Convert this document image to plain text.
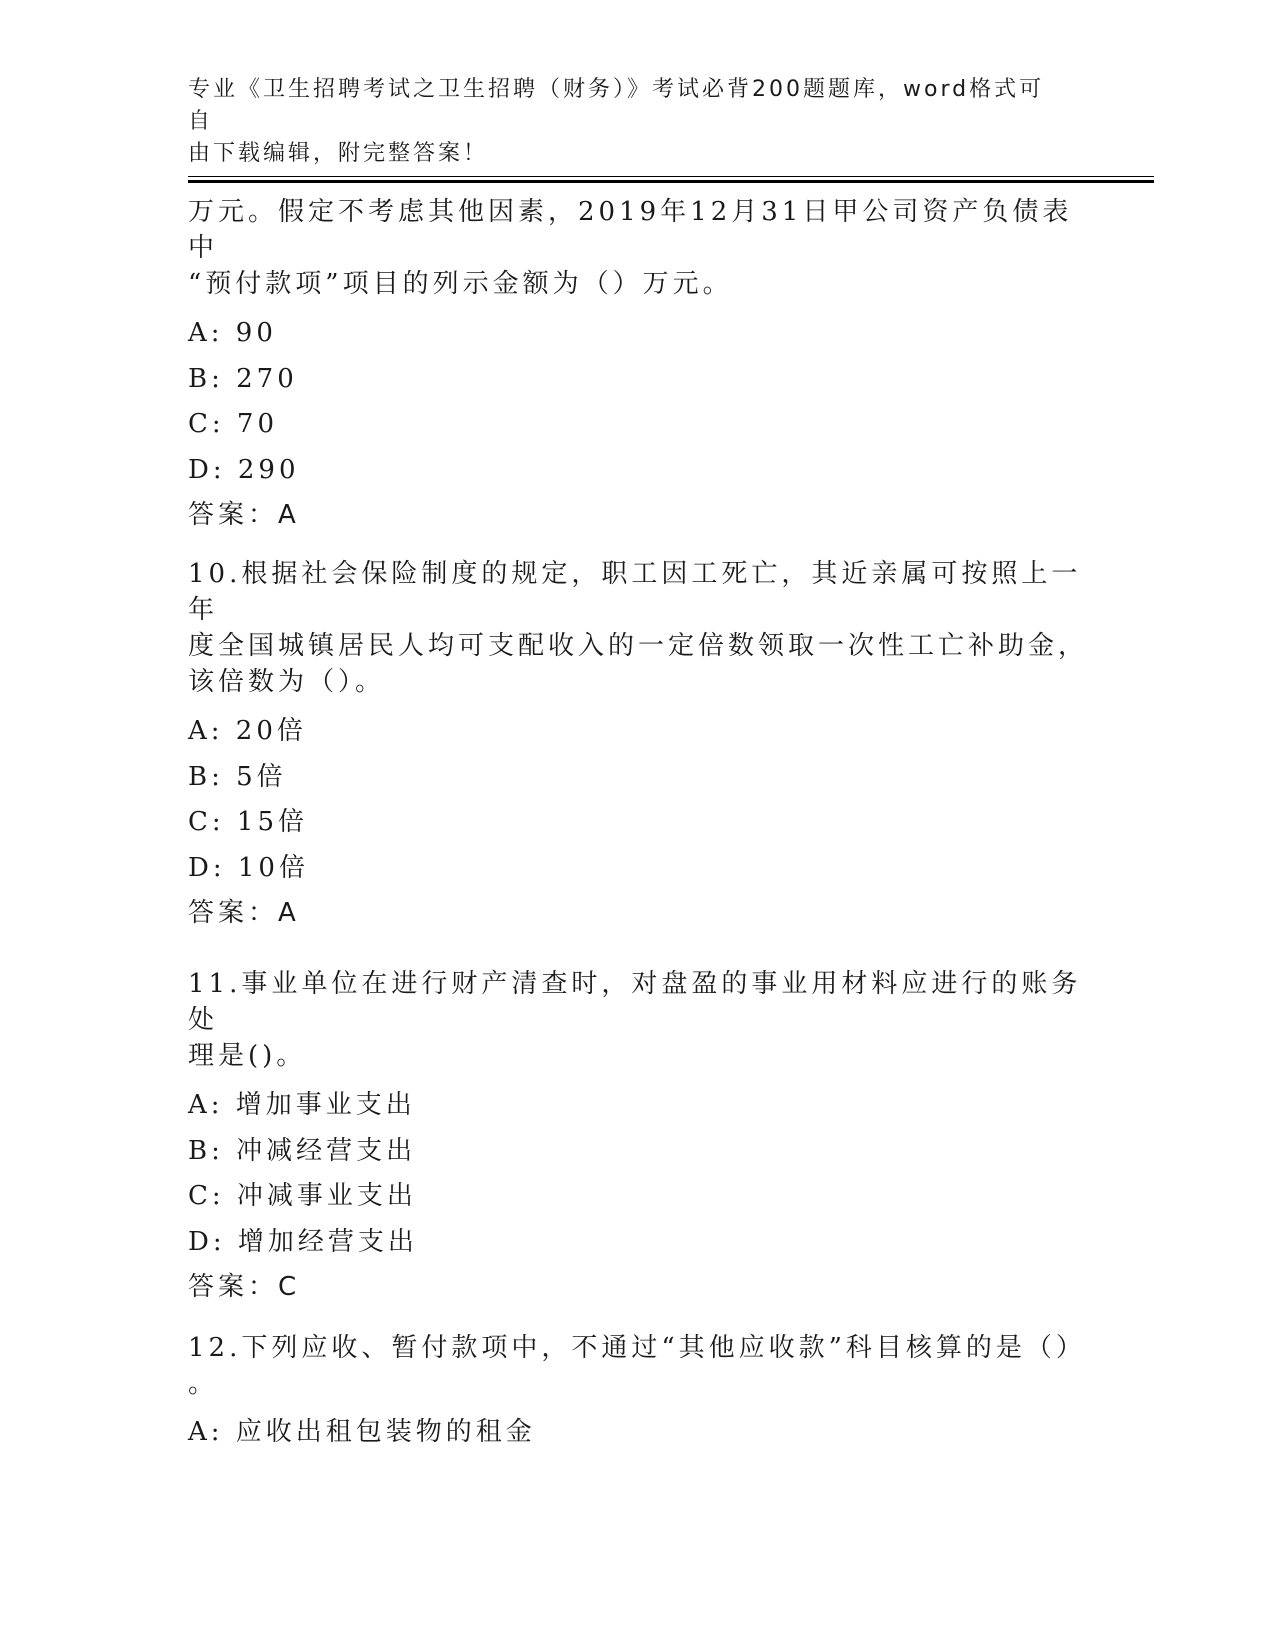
专业《卫生招聘考试之卫生招聘（财务）》考试必背200题题库，word格式可自
由下载编辑，附完整答案！
万元。假定不考虑其他因素，2019年12月31日甲公司资产负债表中
“预付款项”项目的列示金额为（）万元。
A: 90
B: 270
C: 70
D: 290
答案：A
10.根据社会保险制度的规定，职工因工死亡，其近亲属可按照上一年
度全国城镇居民人均可支配收入的一定倍数领取一次性工亡补助金，
该倍数为（）。
A: 20倍
B: 5倍
C: 15倍
D: 10倍
答案：A
11.事业单位在进行财产清查时，对盘盈的事业用材料应进行的账务处
理是()。
A: 增加事业支出
B: 冲减经营支出
C: 冲减事业支出
D: 增加经营支出
答案：C
12.下列应收、暂付款项中，不通过“其他应收款”科目核算的是（）
。
A: 应收出租包装物的租金
